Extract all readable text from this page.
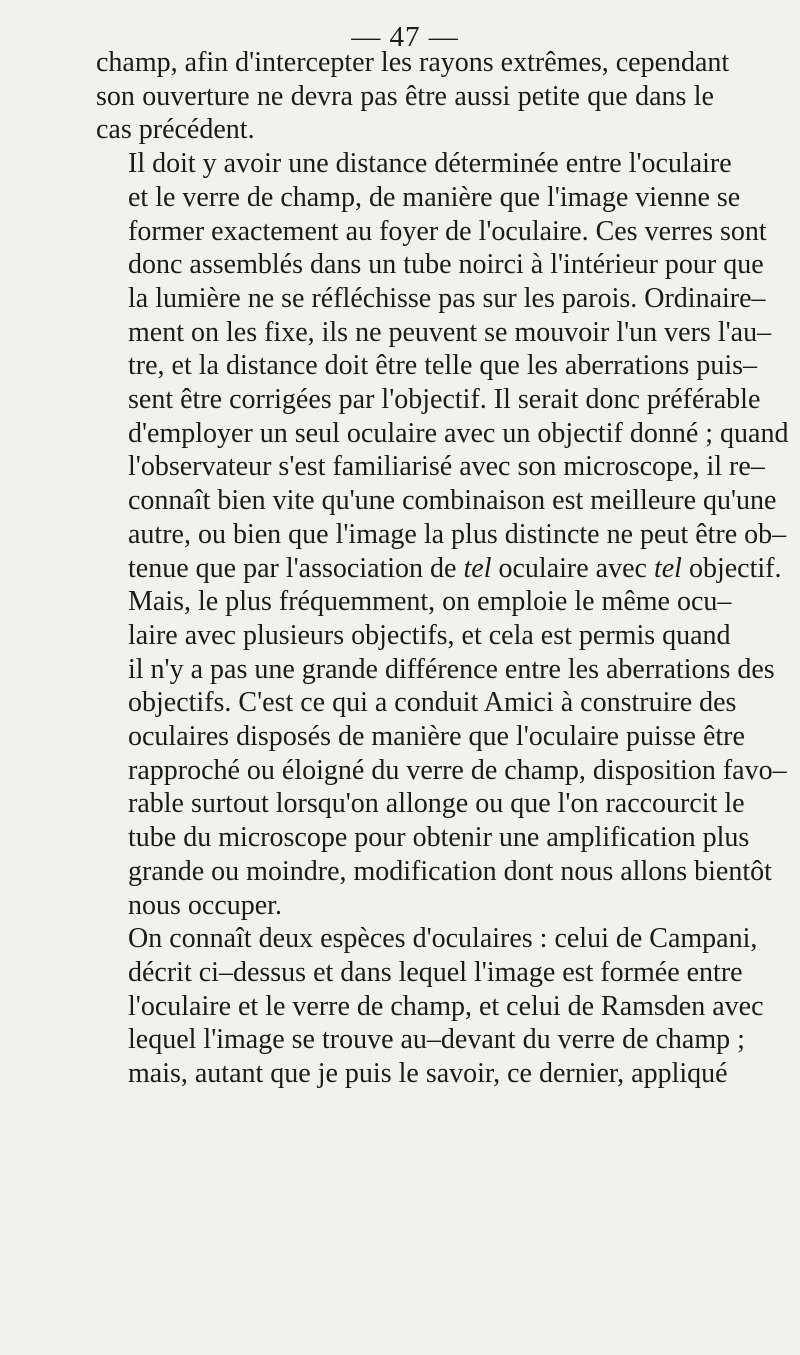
— 47 —
champ, afin d'intercepter les rayons extrêmes, cependant
son ouverture ne devra pas être aussi petite que dans le
cas précédent.
Il doit y avoir une distance déterminée entre l'oculaire
et le verre de champ, de manière que l'image vienne se
former exactement au foyer de l'oculaire. Ces verres sont
donc assemblés dans un tube noirci à l'intérieur pour que
la lumière ne se réfléchisse pas sur les parois. Ordinaire–
ment on les fixe, ils ne peuvent se mouvoir l'un vers l'au–
tre, et la distance doit être telle que les aberrations puis–
sent être corrigées par l'objectif. Il serait donc préférable
d'employer un seul oculaire avec un objectif donné ; quand
l'observateur s'est familiarisé avec son microscope, il re–
connaît bien vite qu'une combinaison est meilleure qu'une
autre, ou bien que l'image la plus distincte ne peut être ob–
tenue que par l'association de tel oculaire avec tel objectif.
Mais, le plus fréquemment, on emploie le même ocu–
laire avec plusieurs objectifs, et cela est permis quand
il n'y a pas une grande différence entre les aberrations des
objectifs. C'est ce qui a conduit Amici à construire des
oculaires disposés de manière que l'oculaire puisse être
rapproché ou éloigné du verre de champ, disposition favo–
rable surtout lorsqu'on allonge ou que l'on raccourcit le
tube du microscope pour obtenir une amplification plus
grande ou moindre, modification dont nous allons bientôt
nous occuper.
On connaît deux espèces d'oculaires : celui de Campani,
décrit ci–dessus et dans lequel l'image est formée entre
l'oculaire et le verre de champ, et celui de Ramsden avec
lequel l'image se trouve au–devant du verre de champ ;
mais, autant que je puis le savoir, ce dernier, appliqué
